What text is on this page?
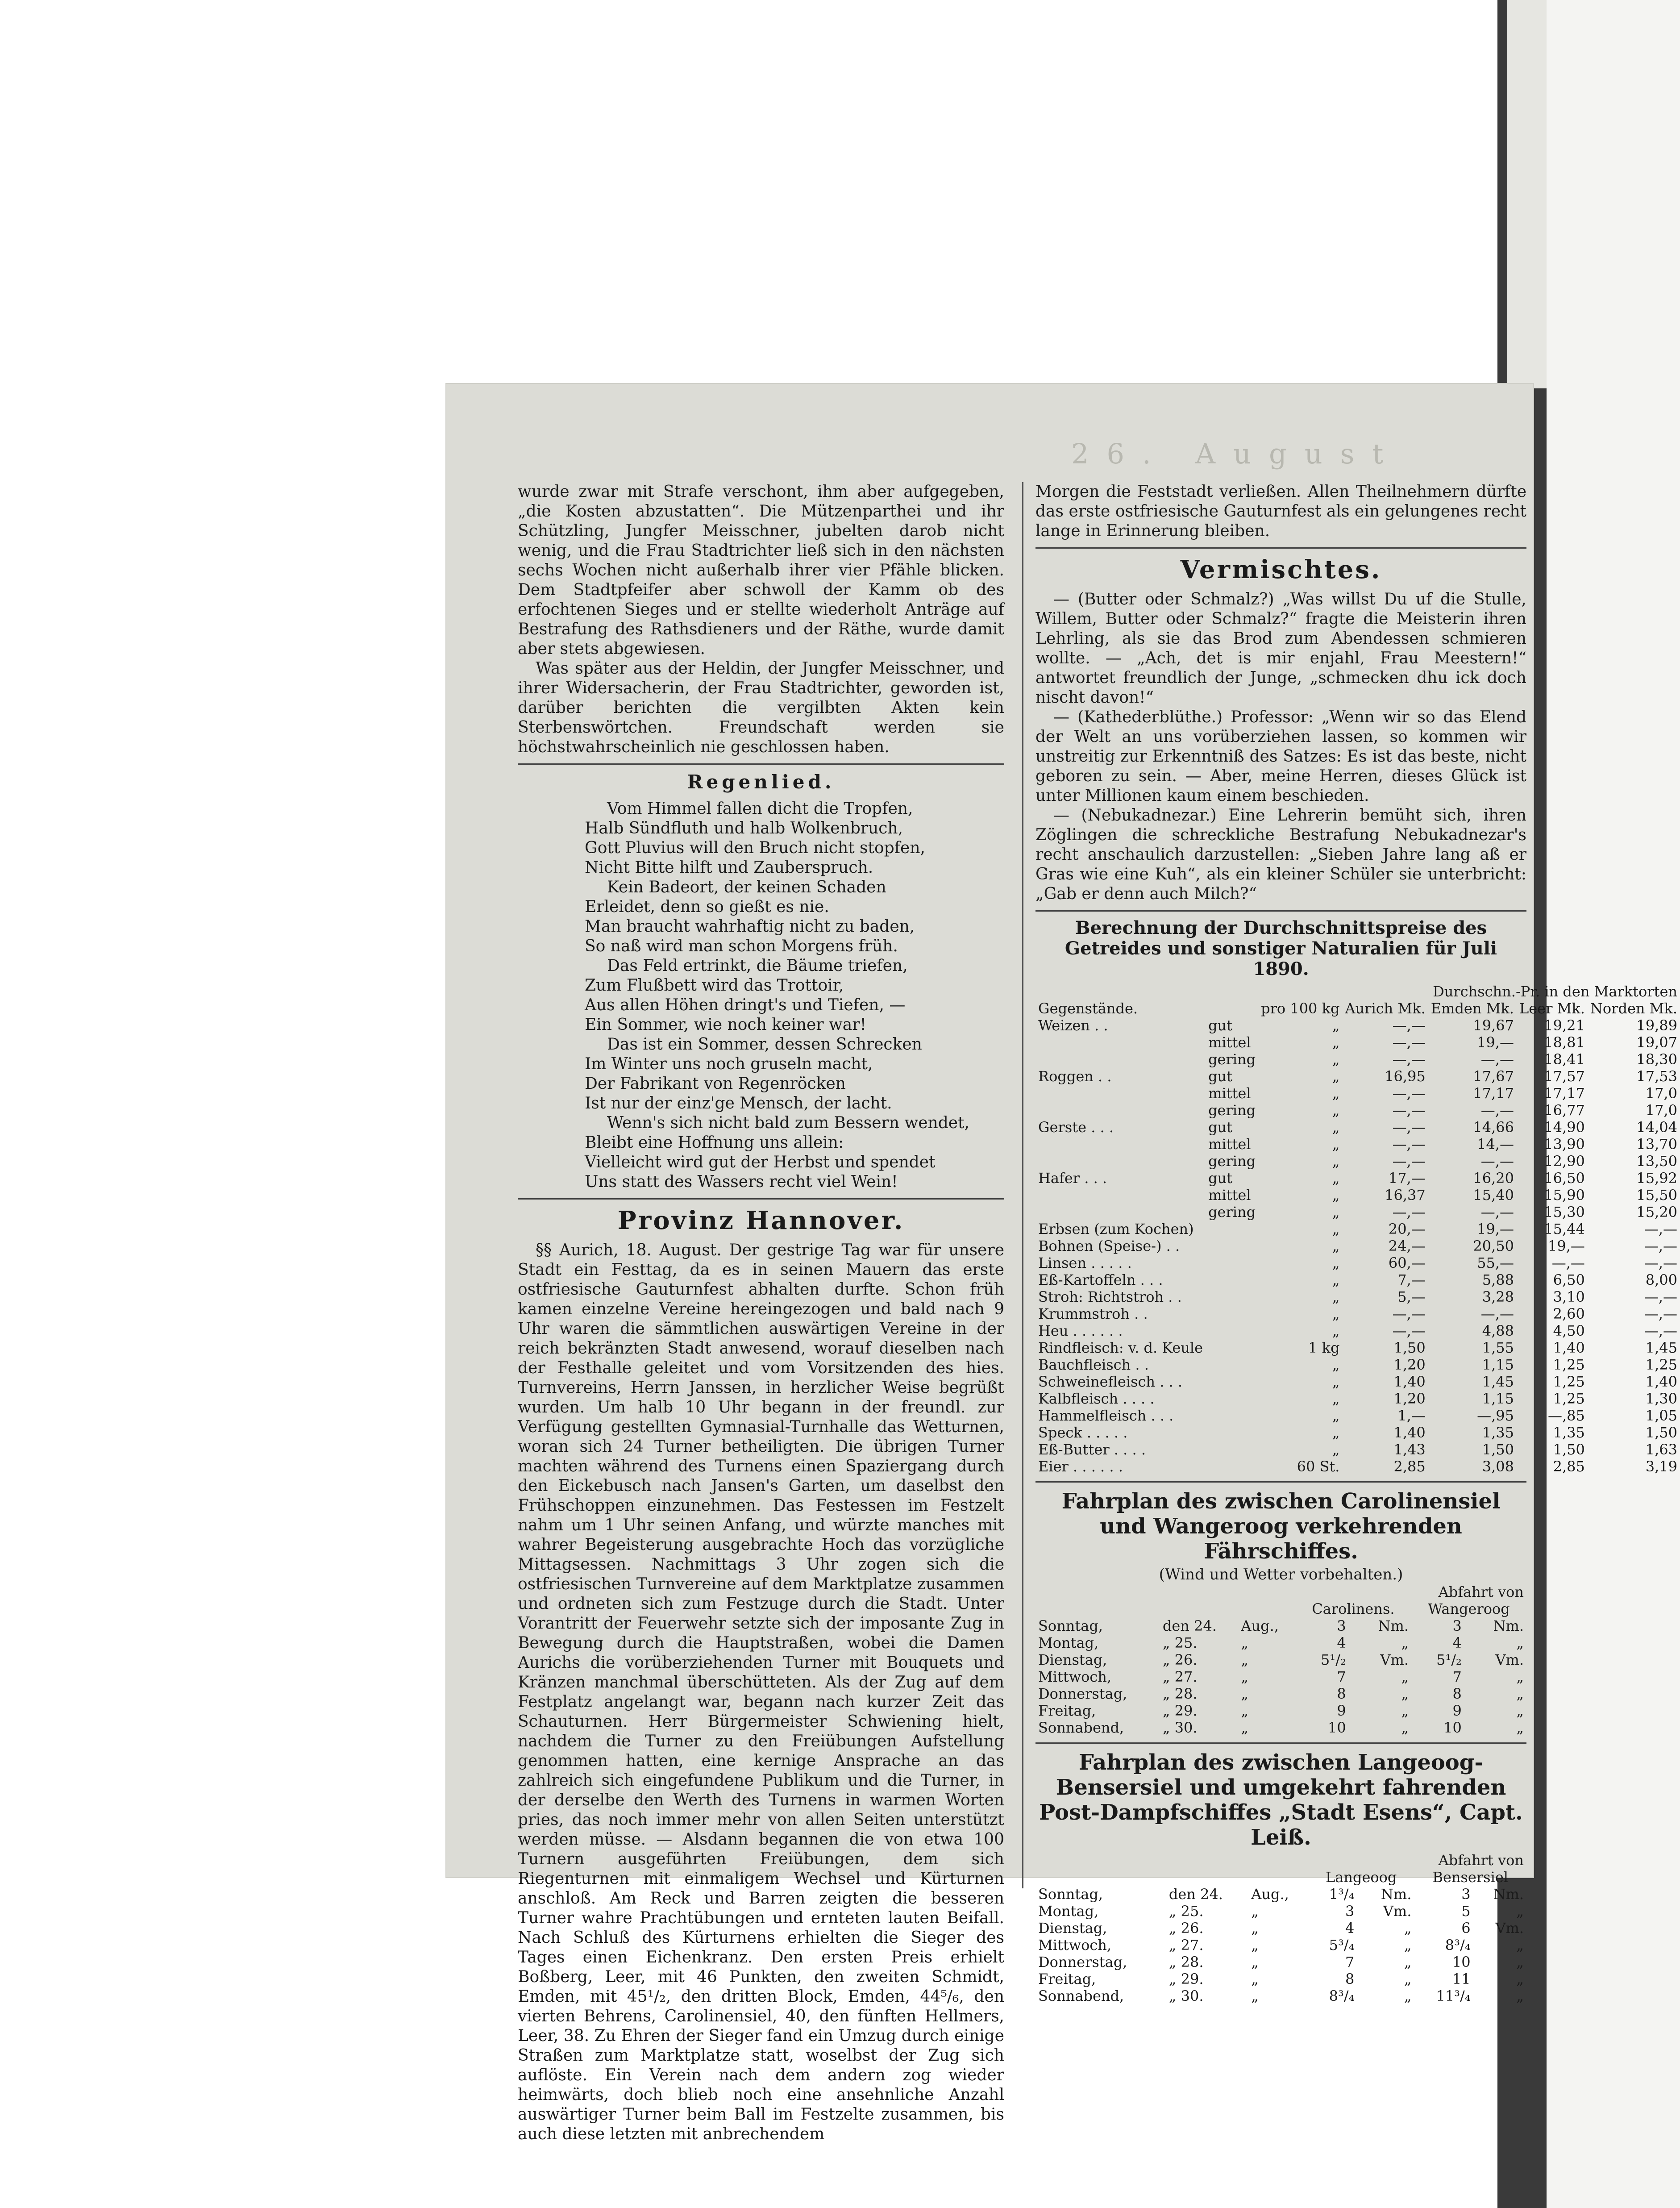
26. August

wurde zwar mit Strafe verschont, ihm aber aufgegeben, „die Kosten abzustatten“. Die Mützenparthei und ihr Schützling, Jungfer Meisschner, jubelten darob nicht wenig, und die Frau Stadtrichter ließ sich in den nächsten sechs Wochen nicht außerhalb ihrer vier Pfähle blicken. Dem Stadtpfeifer aber schwoll der Kamm ob des erfochtenen Sieges und er stellte wiederholt Anträge auf Bestrafung des Rathsdieners und der Räthe, wurde damit aber stets abgewiesen.

Was später aus der Heldin, der Jungfer Meisschner, und ihrer Widersacherin, der Frau Stadtrichter, geworden ist, darüber berichten die vergilbten Akten kein Sterbenswörtchen. Freundschaft werden sie höchstwahrscheinlich nie geschlossen haben.

Regenlied.

Vom Himmel fallen dicht die Tropfen,

Halb Sündfluth und halb Wolkenbruch,

Gott Pluvius will den Bruch nicht stopfen,

Nicht Bitte hilft und Zauberspruch.

Kein Badeort, der keinen Schaden

Erleidet, denn so gießt es nie.

Man braucht wahrhaftig nicht zu baden,

So naß wird man schon Morgens früh.

Das Feld ertrinkt, die Bäume triefen,

Zum Flußbett wird das Trottoir,

Aus allen Höhen dringt's und Tiefen, —

Ein Sommer, wie noch keiner war!

Das ist ein Sommer, dessen Schrecken

Im Winter uns noch gruseln macht,

Der Fabrikant von Regenröcken

Ist nur der einz'ge Mensch, der lacht.

Wenn's sich nicht bald zum Bessern wendet,

Bleibt eine Hoffnung uns allein:

Vielleicht wird gut der Herbst und spendet

Uns statt des Wassers recht viel Wein!

Provinz Hannover.

§§ Aurich, 18. August. Der gestrige Tag war für unsere Stadt ein Festtag, da es in seinen Mauern das erste ostfriesische Gauturnfest abhalten durfte. Schon früh kamen einzelne Vereine hereingezogen und bald nach 9 Uhr waren die sämmtlichen auswärtigen Vereine in der reich bekränzten Stadt anwesend, worauf dieselben nach der Festhalle geleitet und vom Vorsitzenden des hies. Turnvereins, Herrn Janssen, in herzlicher Weise begrüßt wurden. Um halb 10 Uhr begann in der freundl. zur Verfügung gestellten Gymnasial-Turnhalle das Wetturnen, woran sich 24 Turner betheiligten. Die übrigen Turner machten während des Turnens einen Spaziergang durch den Eickebusch nach Jansen's Garten, um daselbst den Frühschoppen einzunehmen. Das Festessen im Festzelt nahm um 1 Uhr seinen Anfang, und würzte manches mit wahrer Begeisterung ausgebrachte Hoch das vorzügliche Mittagsessen. Nachmittags 3 Uhr zogen sich die ostfriesischen Turnvereine auf dem Marktplatze zusammen und ordneten sich zum Festzuge durch die Stadt. Unter Vorantritt der Feuerwehr setzte sich der imposante Zug in Bewegung durch die Hauptstraßen, wobei die Damen Aurichs die vorüberziehenden Turner mit Bouquets und Kränzen manchmal überschütteten. Als der Zug auf dem Festplatz angelangt war, begann nach kurzer Zeit das Schauturnen. Herr Bürgermeister Schwiening hielt, nachdem die Turner zu den Freiübungen Aufstellung genommen hatten, eine kernige Ansprache an das zahlreich sich eingefundene Publikum und die Turner, in der derselbe den Werth des Turnens in warmen Worten pries, das noch immer mehr von allen Seiten unterstützt werden müsse. — Alsdann begannen die von etwa 100 Turnern ausgeführten Freiübungen, dem sich Riegenturnen mit einmaligem Wechsel und Kürturnen anschloß. Am Reck und Barren zeigten die besseren Turner wahre Prachtübungen und ernteten lauten Beifall. Nach Schluß des Kürturnens erhielten die Sieger des Tages einen Eichenkranz. Den ersten Preis erhielt Boßberg, Leer, mit 46 Punkten, den zweiten Schmidt, Emden, mit 45¹/₂, den dritten Block, Emden, 44⁵/₆, den vierten Behrens, Carolinensiel, 40, den fünften Hellmers, Leer, 38. Zu Ehren der Sieger fand ein Umzug durch einige Straßen zum Marktplatze statt, woselbst der Zug sich auflöste. Ein Verein nach dem andern zog wieder heimwärts, doch blieb noch eine ansehnliche Anzahl auswärtiger Turner beim Ball im Festzelte zusammen, bis auch diese letzten mit anbrechendem

Morgen die Feststadt verließen. Allen Theilnehmern dürfte das erste ostfriesische Gauturnfest als ein gelungenes recht lange in Erinnerung bleiben.

Vermischtes.

— (Butter oder Schmalz?) „Was willst Du uf die Stulle, Willem, Butter oder Schmalz?“ fragte die Meisterin ihren Lehrling, als sie das Brod zum Abendessen schmieren wollte. — „Ach, det is mir enjahl, Frau Meestern!“ antwortet freundlich der Junge, „schmecken dhu ick doch nischt davon!“

— (Kathederblüthe.) Professor: „Wenn wir so das Elend der Welt an uns vorüberziehen lassen, so kommen wir unstreitig zur Erkenntniß des Satzes: Es ist das beste, nicht geboren zu sein. — Aber, meine Herren, dieses Glück ist unter Millionen kaum einem beschieden.

— (Nebukadnezar.) Eine Lehrerin bemüht sich, ihren Zöglingen die schreckliche Bestrafung Nebukadnezar's recht anschaulich darzustellen: „Sieben Jahre lang aß er Gras wie eine Kuh“, als ein kleiner Schüler sie unterbricht: „Gab er denn auch Milch?“

Berechnung der Durchschnittspreise des Getreides und sonstiger Naturalien für Juli 1890.
			Durchschn.-Pr. in den Marktorten			
Gegenstände.		pro 100 kg	Aurich Mk.	Emden Mk.	Leer Mk.	Norden Mk.
Weizen . .	gut	„	—,—	19,67	19,21	19,89
	mittel	„	—,—	19,—	18,81	19,07
	gering	„	—,—	—,—	18,41	18,30
Roggen . .	gut	„	16,95	17,67	17,57	17,53
	mittel	„	—,—	17,17	17,17	17,0
	gering	„	—,—	—,—	16,77	17,0
Gerste . . .	gut	„	—,—	14,66	14,90	14,04
	mittel	„	—,—	14,—	13,90	13,70
	gering	„	—,—	—,—	12,90	13,50
Hafer . . .	gut	„	17,—	16,20	16,50	15,92
	mittel	„	16,37	15,40	15,90	15,50
	gering	„	—,—	—,—	15,30	15,20
Erbsen (zum Kochen)		„	20,—	19,—	15,44	—,—
Bohnen (Speise-) . .		„	24,—	20,50	19,—	—,—
Linsen . . . . .		„	60,—	55,—	—,—	—,—
Eß-Kartoffeln . . .		„	7,—	5,88	6,50	8,00
Stroh: Richtstroh . .		„	5,—	3,28	3,10	—,—
Krummstroh . .		„	—,—	—,—	2,60	—,—
Heu . . . . . .		„	—,—	4,88	4,50	—,—
Rindfleisch: v. d. Keule		1 kg	1,50	1,55	1,40	1,45
Bauchfleisch . .		„	1,20	1,15	1,25	1,25
Schweinefleisch . . .		„	1,40	1,45	1,25	1,40
Kalbfleisch . . . .		„	1,20	1,15	1,25	1,30
Hammelfleisch . . .		„	1,—	—,95	—,85	1,05
Speck . . . . .		„	1,40	1,35	1,35	1,50
Eß-Butter . . . .		„	1,43	1,50	1,50	1,63
Eier . . . . . .		60 St.	2,85	3,08	2,85	3,19
Fahrplan des zwischen Carolinensiel und Wangeroog verkehrenden Fährschiffes.
(Wind und Wetter vorbehalten.)
			Abfahrt von			
			Carolinens.		Wangeroog	
Sonntag,	den 24.	Aug.,	3	Nm.	3	Nm.
Montag,	„ 25.	„	4	„	4	„
Dienstag,	„ 26.	„	5¹/₂	Vm.	5¹/₂	Vm.
Mittwoch,	„ 27.	„	7	„	7	„
Donnerstag,	„ 28.	„	8	„	8	„
Freitag,	„ 29.	„	9	„	9	„
Sonnabend,	„ 30.	„	10	„	10	„
Fahrplan des zwischen Langeoog-Bensersiel und umgekehrt fahrenden Post-Dampfschiffes „Stadt Esens“, Capt. Leiß.
			Abfahrt von			
			Langeoog		Bensersiel	
Sonntag,	den 24.	Aug.,	1³/₄	Nm.	3	Nm.
Montag,	„ 25.	„	3	Vm.	5	„
Dienstag,	„ 26.	„	4	„	6	Vm.
Mittwoch,	„ 27.	„	5³/₄	„	8³/₄	„
Donnerstag,	„ 28.	„	7	„	10	„
Freitag,	„ 29.	„	8	„	11	„
Sonnabend,	„ 30.	„	8³/₄	„	11³/₄	„
